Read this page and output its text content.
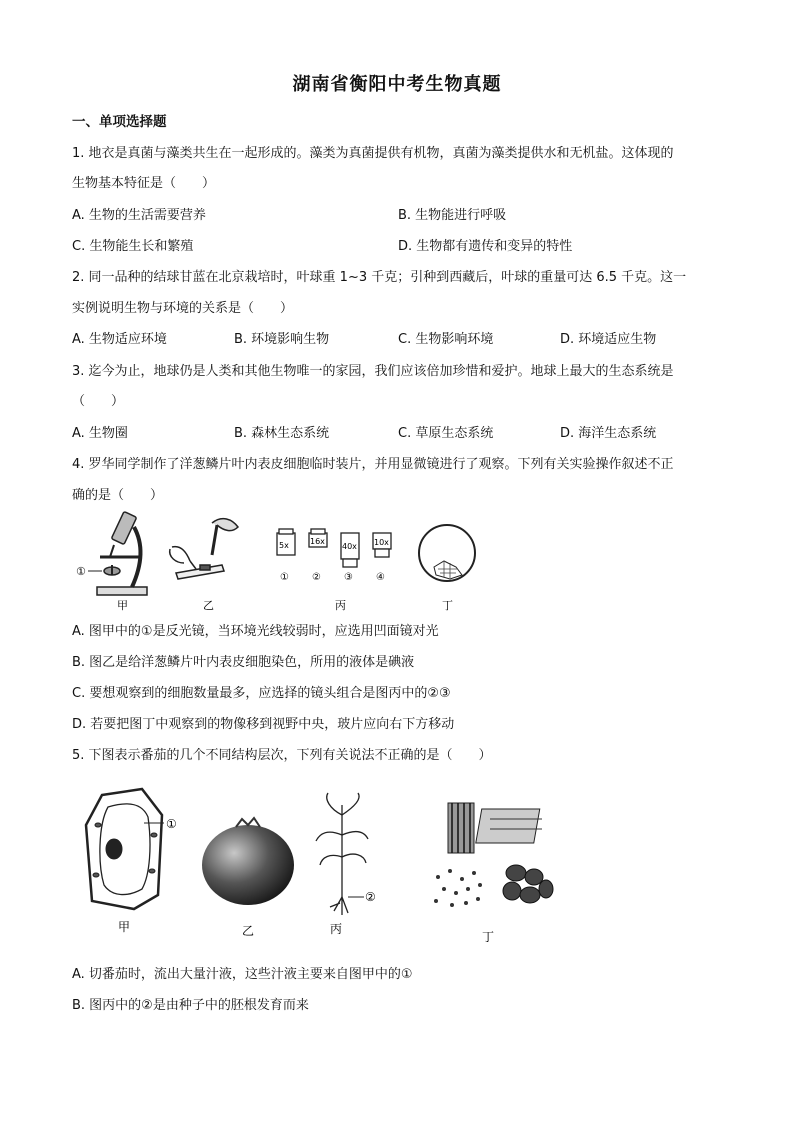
湖南省衡阳中考生物真题
一、单项选择题
1. 地衣是真菌与藻类共生在一起形成的。藻类为真菌提供有机物，真菌为藻类提供水和无机盐。这体现的
生物基本特征是（　　）
A. 生物的生活需要营养	B. 生物能进行呼吸
C. 生物能生长和繁殖	D. 生物都有遗传和变异的特性
2. 同一品种的结球甘蓝在北京栽培时，叶球重 1~3 千克；引种到西藏后，叶球的重量可达 6.5 千克。这一
实例说明生物与环境的关系是（　　）
A. 生物适应环境	B. 环境影响生物	C. 生物影响环境	D. 环境适应生物
3. 迄今为止，地球仍是人类和其他生物唯一的家园，我们应该倍加珍惜和爱护。地球上最大的生态系统是
（　　）
A. 生物圈	B. 森林生态系统	C. 草原生态系统	D. 海洋生态系统
4. 罗华同学制作了洋葱鳞片叶内表皮细胞临时装片，并用显微镜进行了观察。下列有关实验操作叙述不正
确的是（　　）
①
5x	16x
40x 10x
① ② ③ ④
甲	乙	丙	丁
A. 图甲中的①是反光镜，当环境光线较弱时，应选用凹面镜对光
B. 图乙是给洋葱鳞片叶内表皮细胞染色，所用的液体是碘液
C. 要想观察到的细胞数量最多，应选择的镜头组合是图丙中的②③
D. 若要把图丁中观察到的物像移到视野中央，玻片应向右下方移动
5. 下图表示番茄的几个不同结构层次，下列有关说法不正确的是（　　）
①
②
甲	乙	丙
丁
A. 切番茄时，流出大量汁液，这些汁液主要来自图甲中的①
B. 图丙中的②是由种子中的胚根发育而来
